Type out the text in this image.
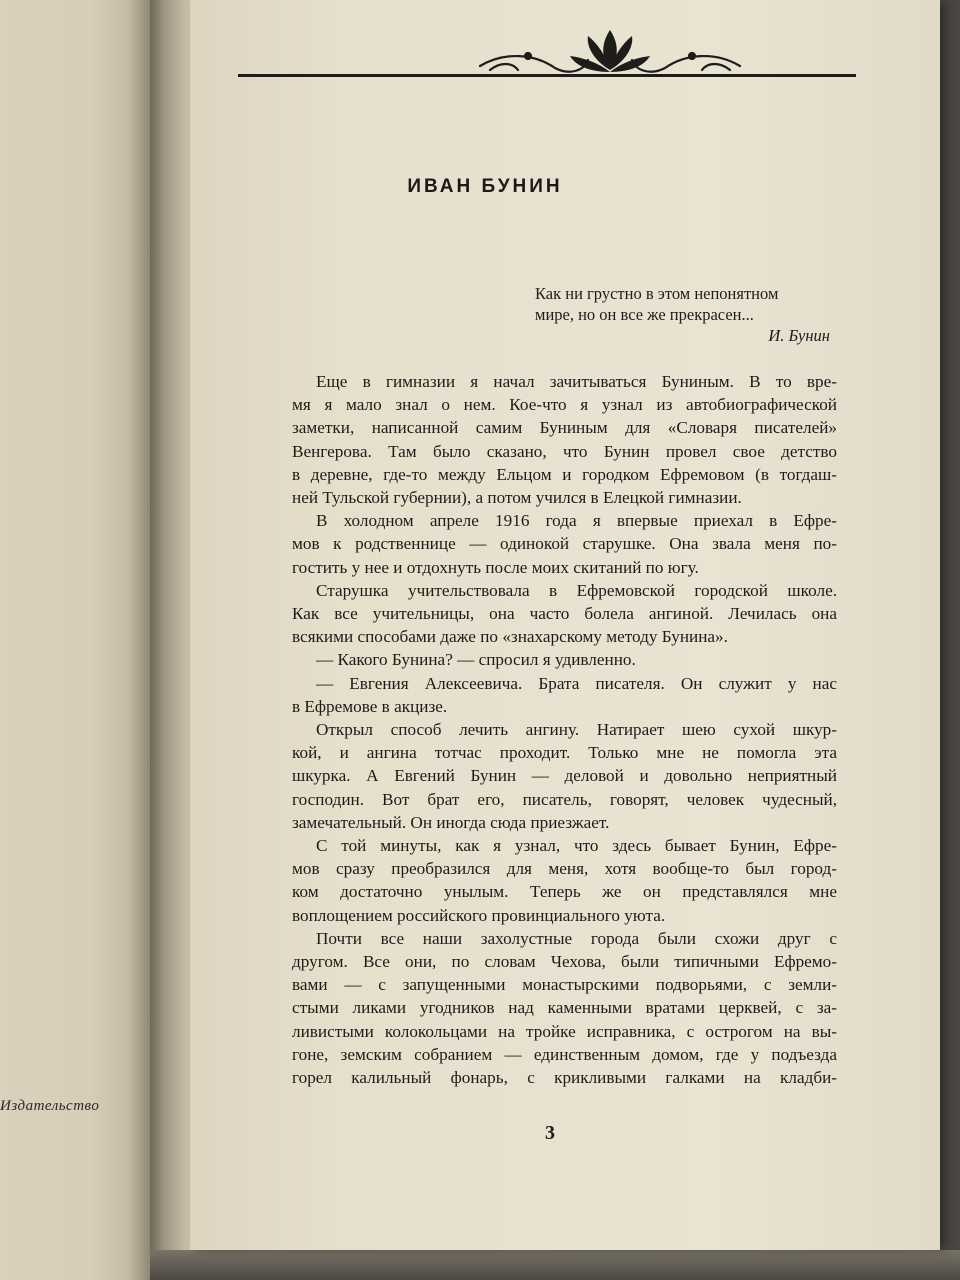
Издательство
ИВАН БУНИН
Как ни грустно в этом непонятном
мире, но он все же прекрасен...
И. Бунин
Еще в гимназии я начал зачитываться Буниным. В то вре-
мя я мало знал о нем. Кое-что я узнал из автобиографической
заметки, написанной самим Буниным для «Словаря писателей»
Венгерова. Там было сказано, что Бунин провел свое детство
в деревне, где-то между Ельцом и городком Ефремовом (в тогдаш-
ней Тульской губернии), а потом учился в Елецкой гимназии.
В холодном апреле 1916 года я впервые приехал в Ефре-
мов к родственнице — одинокой старушке. Она звала меня по-
гостить у нее и отдохнуть после моих скитаний по югу.
Старушка учительствовала в Ефремовской городской школе.
Как все учительницы, она часто болела ангиной. Лечилась она
всякими способами даже по «знахарскому методу Бунина».
— Какого Бунина? — спросил я удивленно.
— Евгения Алексеевича. Брата писателя. Он служит у нас
в Ефремове в акцизе.
Открыл способ лечить ангину. Натирает шею сухой шкур-
кой, и ангина тотчас проходит. Только мне не помогла эта
шкурка. А Евгений Бунин — деловой и довольно неприятный
господин. Вот брат его, писатель, говорят, человек чудесный,
замечательный. Он иногда сюда приезжает.
С той минуты, как я узнал, что здесь бывает Бунин, Ефре-
мов сразу преобразился для меня, хотя вообще-то был город-
ком достаточно унылым. Теперь же он представлялся мне
воплощением российского провинциального уюта.
Почти все наши захолустные города были схожи друг с
другом. Все они, по словам Чехова, были типичными Ефремо-
вами — с запущенными монастырскими подворьями, с земли-
стыми ликами угодников над каменными вратами церквей, с за-
ливистыми колокольцами на тройке исправника, с острогом на вы-
гоне, земским собранием — единственным домом, где у подъезда
горел калильный фонарь, с крикливыми галками на кладби-
3
